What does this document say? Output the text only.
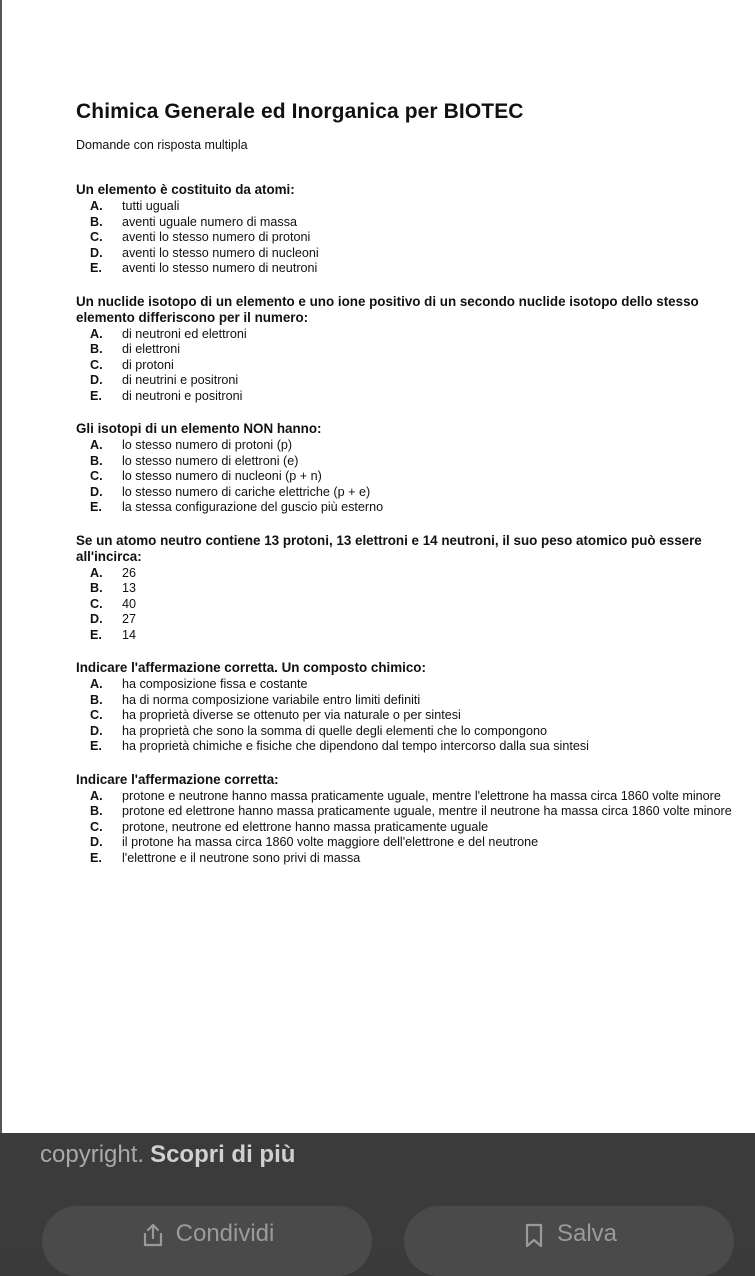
Chimica Generale ed Inorganica per BIOTEC
Domande con risposta multipla
Un elemento è costituito da atomi:
A.	tutti uguali
B.	aventi uguale numero di massa
C.	aventi lo stesso numero di protoni
D.	aventi lo stesso numero di nucleoni
E.	aventi lo stesso numero di neutroni
Un nuclide isotopo di un elemento e uno ione positivo di un secondo nuclide isotopo dello stesso elemento differiscono per il numero:
A.	di neutroni ed elettroni
B.	di elettroni
C.	di protoni
D.	di neutrini e positroni
E.	di neutroni e positroni
Gli isotopi di un elemento NON hanno:
A.	lo stesso numero di protoni (p)
B.	lo stesso numero di elettroni (e)
C.	lo stesso numero di nucleoni (p + n)
D.	lo stesso numero di cariche elettriche (p + e)
E.	la stessa configurazione del guscio più esterno
Se un atomo neutro contiene 13 protoni, 13 elettroni e 14 neutroni, il suo peso atomico può essere all'incirca:
A.	26
B.	13
C.	40
D.	27
E.	14
Indicare l'affermazione corretta. Un composto chimico:
A.	ha composizione fissa e costante
B.	ha di norma composizione variabile entro limiti definiti
C.	ha proprietà diverse se ottenuto per via naturale o per sintesi
D.	ha proprietà che sono la somma di quelle degli elementi che lo compongono
E.	ha proprietà chimiche e fisiche che dipendono dal tempo intercorso dalla sua sintesi
Indicare l'affermazione corretta:
A.	protone e neutrone hanno massa praticamente uguale, mentre l'elettrone ha massa circa 1860 volte minore
B.	protone ed elettrone hanno massa praticamente uguale, mentre il neutrone ha massa circa 1860 volte minore
C.	protone, neutrone ed elettrone hanno massa praticamente uguale
D.	il protone ha massa circa 1860 volte maggiore dell'elettrone e del neutrone
E.	l'elettrone e il neutrone sono privi di massa
copyright. Scopri di più
Condividi	Salva
